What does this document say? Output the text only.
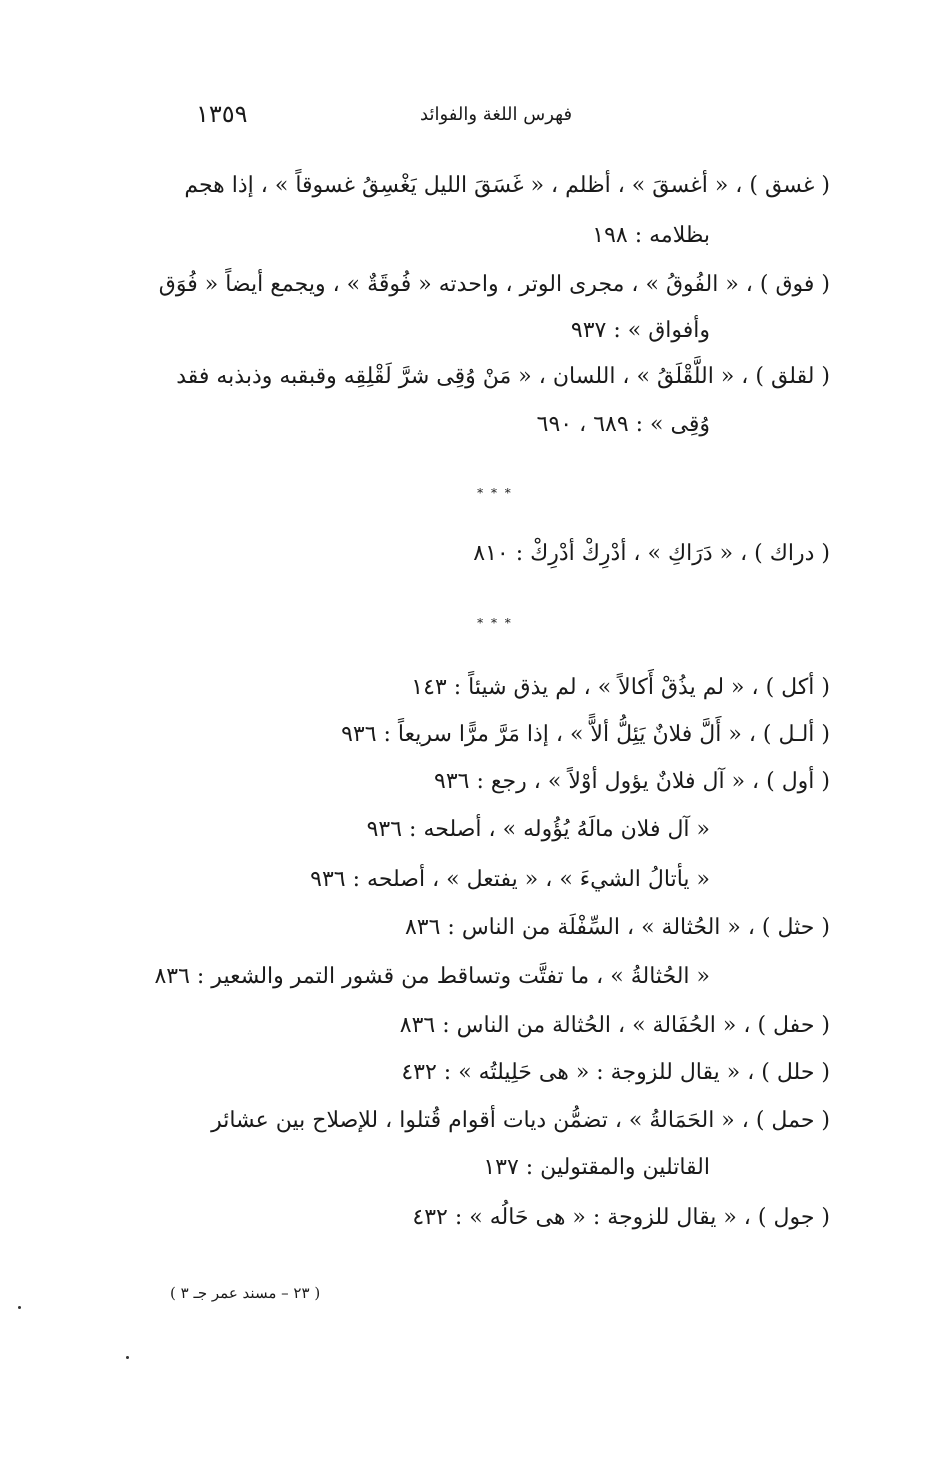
١٣٥٩	فهرس اللغة والفوائد
( غسق ) ، « أغسقَ » ، أظلم ، « غَسَقَ الليل يَغْسِقُ غسوقاً » ، إذا هجم
بظلامه : ١٩٨
( فوق ) ، « الفُوقُ » ، مجرى الوتر ، واحدته « فُوقَةٌ » ، ويجمع أيضاً « فُوَق
وأفواق » : ٩٣٧
( لقلق ) ، « اللَّقْلَقُ » ، اللسان ، « مَنْ وُقِى شرَّ لَقْلِقِه وقبقبه وذبذبه فقد
وُقِى » : ٦٨٩ ، ٦٩٠
* * *
( دراك ) ، « دَرَاكِ » ، أدْرِكْ أدْرِكْ : ٨١٠
* * *
( أكل ) ، « لم يذُقْ أَكالاً » ، لم يذق شيئاً : ١٤٣
( ألـل ) ، « أَلَّ فلانٌ يَئِلُّ ألاًّ » ، إذا مَرَّ مرًّا سريعاً : ٩٣٦
( أول ) ، « آل فلانٌ يؤول أوْلاً » ، رجع : ٩٣٦
« آل فلان مالَهُ يُؤُوله » ، أصلحه : ٩٣٦
« يأتالُ الشيءَ » ، « يفتعل » ، أصلحه : ٩٣٦
( حثل ) ، « الحُثالة » ، السِّفْلَة من الناس : ٨٣٦
« الحُثالةُ » ، ما تفتَّت وتساقط من قشور التمر والشعير : ٨٣٦
( حفل ) ، « الحُفَالة » ، الحُثالة من الناس : ٨٣٦
( حلل ) ، « يقال للزوجة : « هى حَلِيلتُه » : ٤٣٢
( حمل ) ، « الحَمَالةُ » ، تضمُّن ديات أقوام قُتلوا ، للإصلاح بين عشائر
القاتلين والمقتولين : ١٣٧
( جول ) ، « يقال للزوجة : « هى حَالُه » : ٤٣٢
( ٢٣ – مسند عمر جـ ٣ )
